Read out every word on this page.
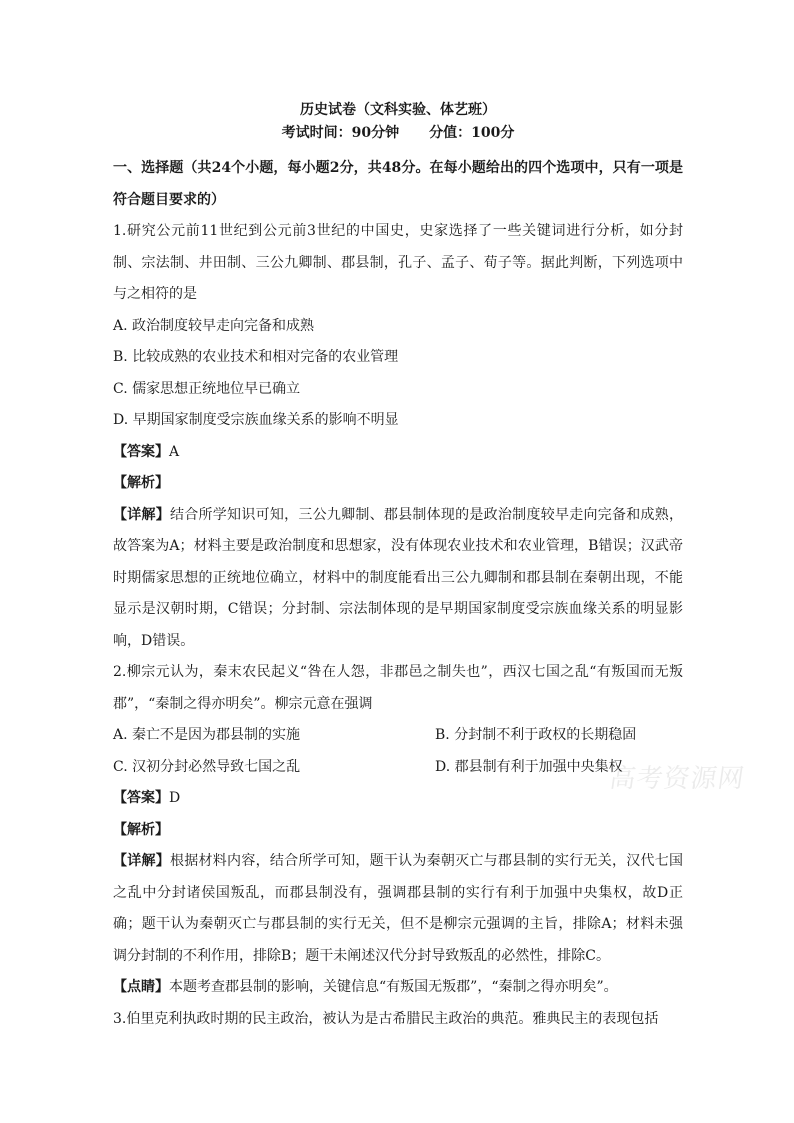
历史试卷（文科实验、体艺班）
考试时间：90分钟 分值：100分

一、选择题（共24个小题，每小题2分，共48分。在每小题给出的四个选项中，只有一项是符合题目要求的）

1.研究公元前11世纪到公元前3世纪的中国史，史家选择了一些关键词进行分析，如分封制、宗法制、井田制、三公九卿制、郡县制，孔子、孟子、荀子等。据此判断，下列选项中与之相符的是

A. 政治制度较早走向完备和成熟

B. 比较成熟的农业技术和相对完备的农业管理

C. 儒家思想正统地位早已确立

D. 早期国家制度受宗族血缘关系的影响不明显

【答案】A

【解析】

【详解】结合所学知识可知，三公九卿制、郡县制体现的是政治制度较早走向完备和成熟，故答案为A；材料主要是政治制度和思想家，没有体现农业技术和农业管理，B错误；汉武帝时期儒家思想的正统地位确立，材料中的制度能看出三公九卿制和郡县制在秦朝出现，不能显示是汉朝时期，C错误；分封制、宗法制体现的是早期国家制度受宗族血缘关系的明显影响，D错误。

2.柳宗元认为，秦末农民起义“咎在人怨，非郡邑之制失也”，西汉七国之乱“有叛国而无叛郡”，“秦制之得亦明矣”。柳宗元意在强调

A. 秦亡不是因为郡县制的实施	B. 分封制不利于政权的长期稳固
C. 汉初分封必然导致七国之乱	D. 郡县制有利于加强中央集权

【答案】D

【解析】

【详解】根据材料内容，结合所学可知，题干认为秦朝灭亡与郡县制的实行无关，汉代七国之乱中分封诸侯国叛乱，而郡县制没有，强调郡县制的实行有利于加强中央集权，故D正确；题干认为秦朝灭亡与郡县制的实行无关，但不是柳宗元强调的主旨，排除A；材料未强调分封制的不利作用，排除B；题干未阐述汉代分封导致叛乱的必然性，排除C。

【点睛】本题考查郡县制的影响，关键信息“有叛国无叛郡”，“秦制之得亦明矣”。

3.伯里克利执政时期的民主政治，被认为是古希腊民主政治的典范。雅典民主的表现包括

高考资源网
